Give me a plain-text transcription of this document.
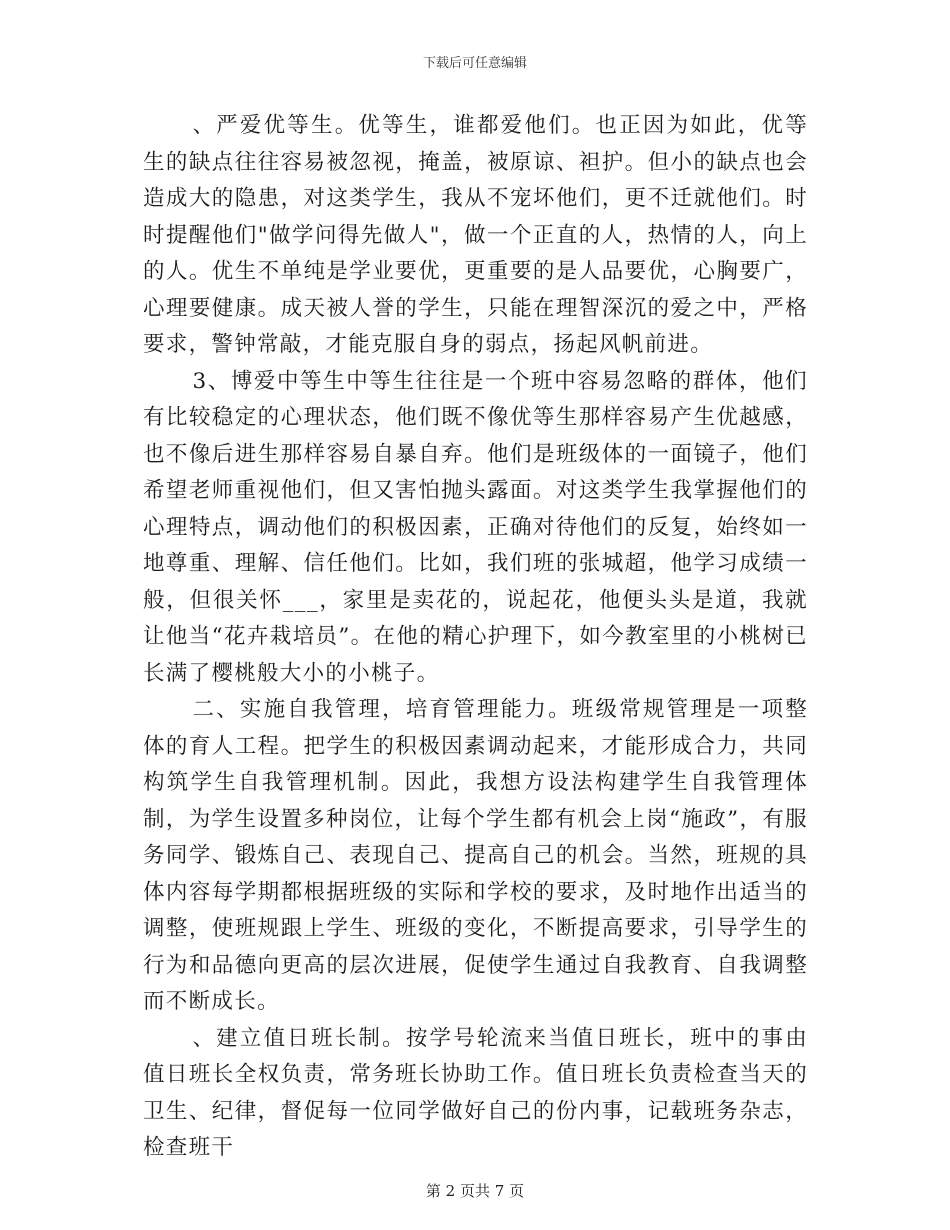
下载后可任意编辑

、严爱优等生。优等生，谁都爱他们。也正因为如此，优等生的缺点往往容易被忽视，掩盖，被原谅、袒护。但小的缺点也会造成大的隐患，对这类学生，我从不宠坏他们，更不迁就他们。时时提醒他们"做学问得先做人"，做一个正直的人，热情的人，向上的人。优生不单纯是学业要优，更重要的是人品要优，心胸要广，心理要健康。成天被人誉的学生，只能在理智深沉的爱之中，严格要求，警钟常敲，才能克服自身的弱点，扬起风帆前进。

3、博爱中等生中等生往往是一个班中容易忽略的群体，他们有比较稳定的心理状态，他们既不像优等生那样容易产生优越感，也不像后进生那样容易自暴自弃。他们是班级体的一面镜子，他们希望老师重视他们，但又害怕抛头露面。对这类学生我掌握他们的心理特点，调动他们的积极因素，正确对待他们的反复，始终如一地尊重、理解、信任他们。比如，我们班的张城超，他学习成绩一般，但很关怀___，家里是卖花的，说起花，他便头头是道，我就让他当“花卉栽培员”。在他的精心护理下，如今教室里的小桃树已长满了樱桃般大小的小桃子。

二、实施自我管理，培育管理能力。班级常规管理是一项整体的育人工程。把学生的积极因素调动起来，才能形成合力，共同构筑学生自我管理机制。因此，我想方设法构建学生自我管理体制，为学生设置多种岗位，让每个学生都有机会上岗“施政”，有服务同学、锻炼自己、表现自己、提高自己的机会。当然，班规的具体内容每学期都根据班级的实际和学校的要求，及时地作出适当的调整，使班规跟上学生、班级的变化，不断提高要求，引导学生的行为和品德向更高的层次进展，促使学生通过自我教育、自我调整而不断成长。

、建立值日班长制。按学号轮流来当值日班长，班中的事由值日班长全权负责，常务班长协助工作。值日班长负责检查当天的卫生、纪律，督促每一位同学做好自己的份内事，记载班务杂志，检查班干

第 2 页共 7 页
